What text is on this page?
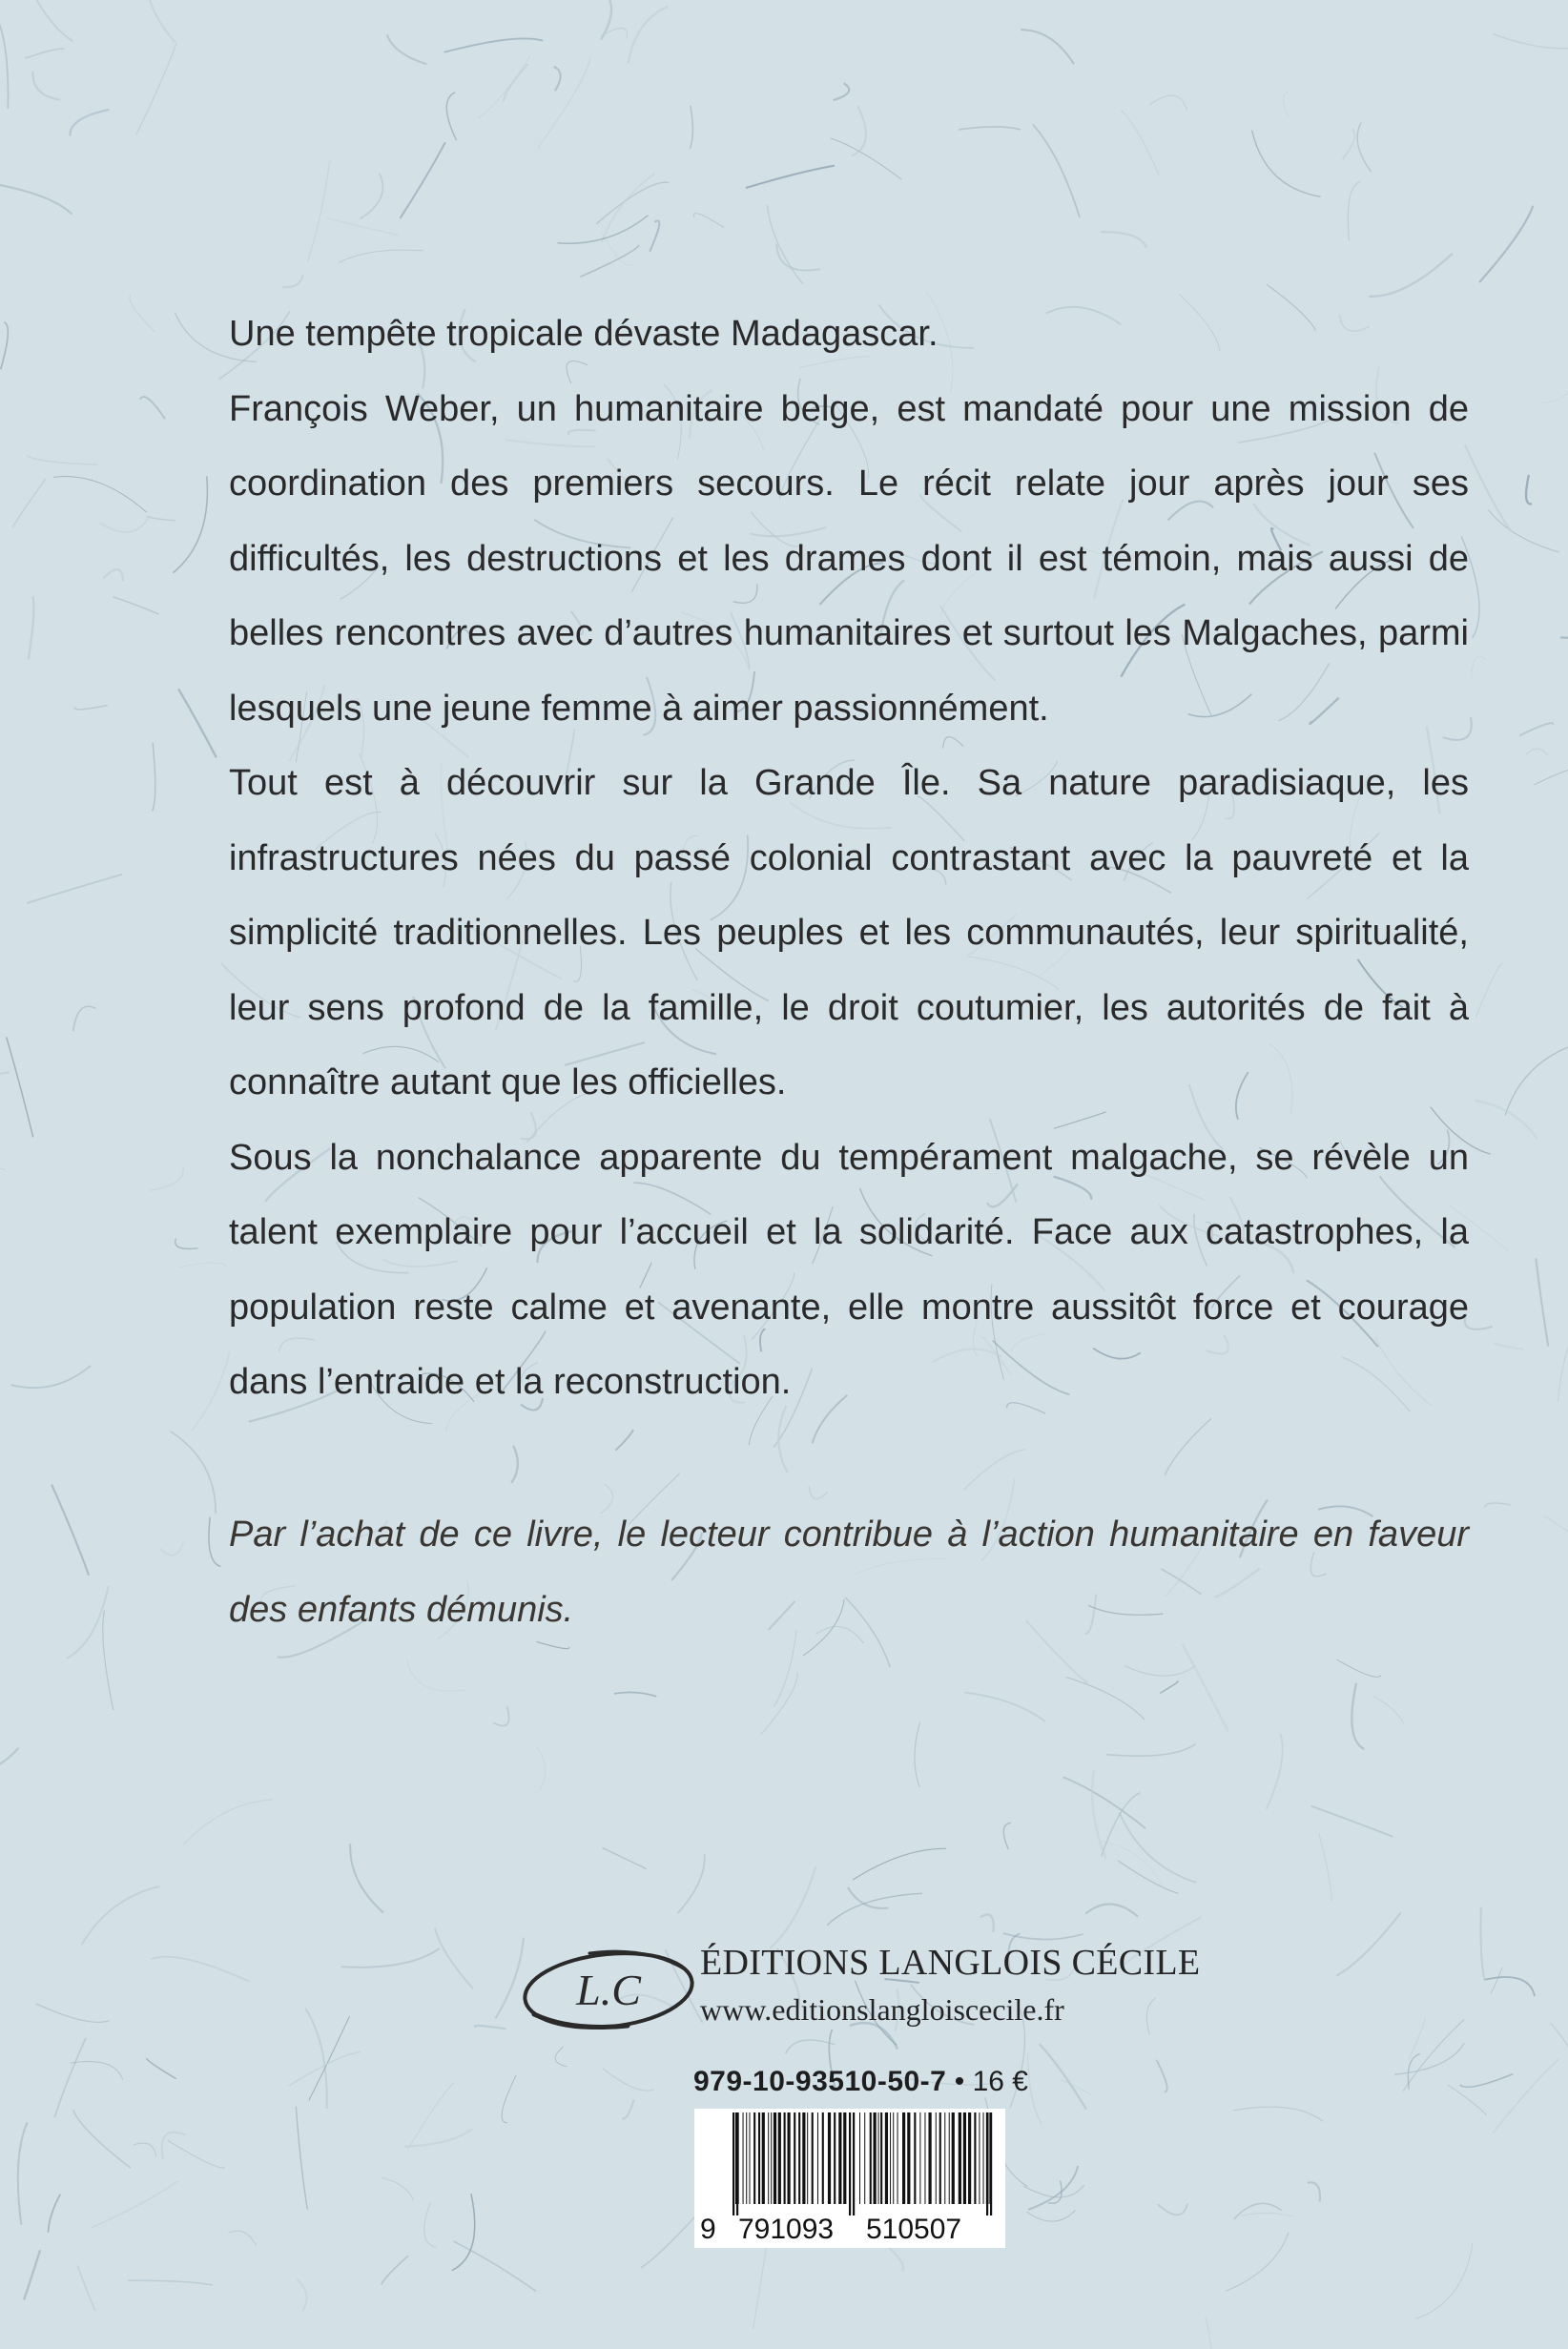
Une tempête tropicale dévaste Madagascar.

François Weber, un humanitaire belge, est mandaté pour une mission de coordination des premiers secours. Le récit relate jour après jour ses difficultés, les destructions et les drames dont il est témoin, mais aussi de belles rencontres avec d’autres humanitaires et surtout les Malgaches, parmi lesquels une jeune femme à aimer passionnément.

Tout est à découvrir sur la Grande Île. Sa nature paradisiaque, les infrastructures nées du passé colonial contrastant avec la pauvreté et la simplicité traditionnelles. Les peuples et les communautés, leur spiritualité, leur sens profond de la famille, le droit coutumier, les autorités de fait à connaître autant que les officielles.

Sous la nonchalance apparente du tempérament malgache, se révèle un talent exemplaire pour l’accueil et la solidarité. Face aux catastrophes, la population reste calme et avenante, elle montre aussitôt force et courage dans l’entraide et la reconstruction.

Par l’achat de ce livre, le lecteur contribue à l’action humanitaire en faveur des enfants démunis.

L.C
ÉDITIONS LANGLOIS CÉCILE
www.editionslangloiscecile.fr
979-10-93510-50-7 • 16 €
9 791093 510507
